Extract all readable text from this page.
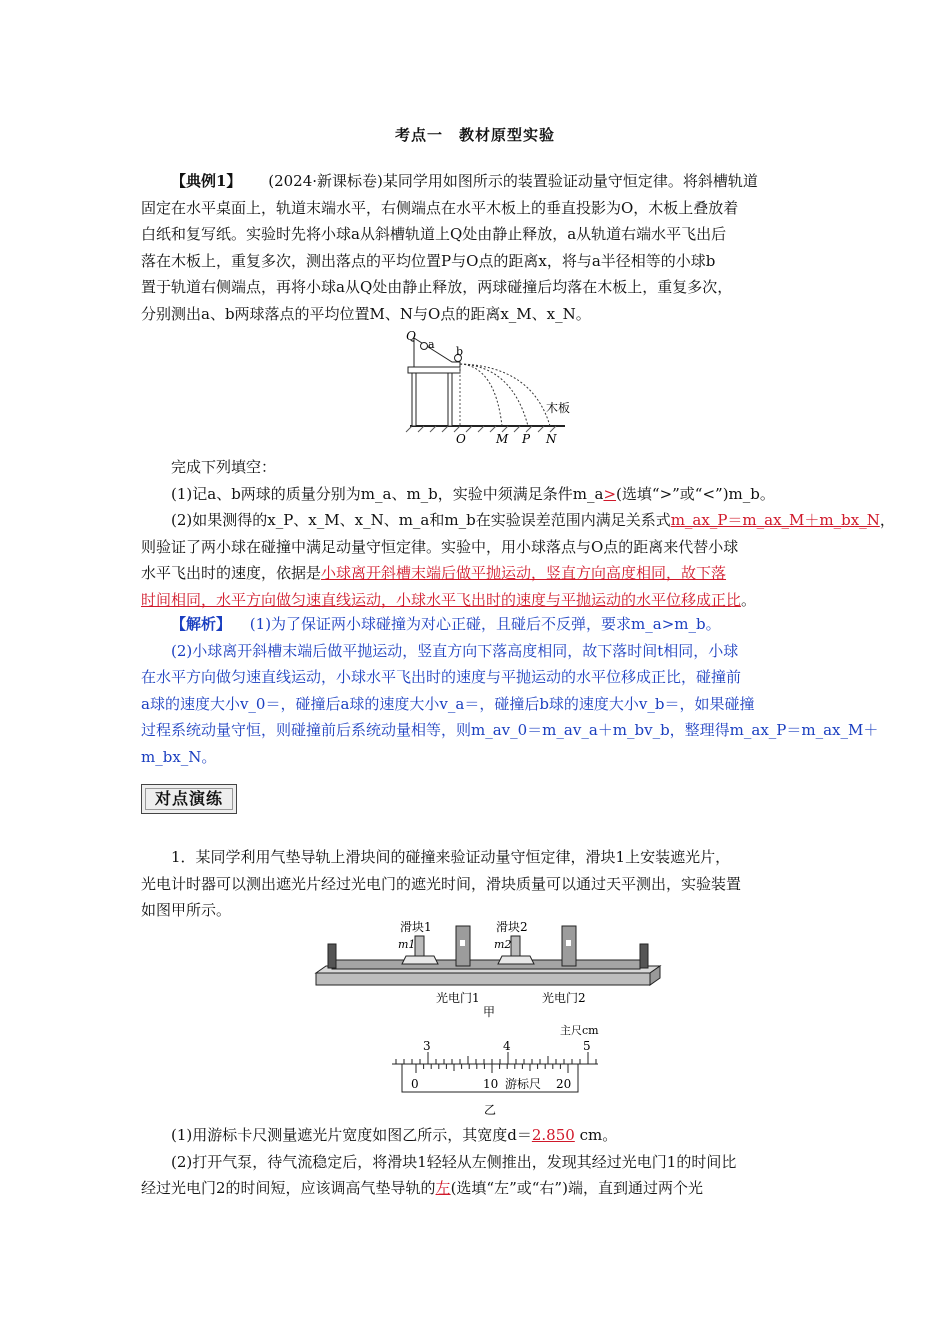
考点一　教材原型实验
【典例1】 (2024·新课标卷)某同学用如图所示的装置验证动量守恒定律。将斜槽轨道
固定在水平桌面上，轨道末端水平，右侧端点在水平木板上的垂直投影为O，木板上叠放着
白纸和复写纸。实验时先将小球a从斜槽轨道上Q处由静止释放，a从轨道右端水平飞出后
落在木板上，重复多次，测出落点的平均位置P与O点的距离x，将与a半径相等的小球b
置于轨道右侧端点，再将小球a从Q处由静止释放，两球碰撞后均落在木板上，重复多次，
分别测出a、b两球落点的平均位置M、N与O点的距离x_M、x_N。
Q
a
b
木板
O	M P N
完成下列填空：
(1)记a、b两球的质量分别为m_a、m_b，实验中须满足条件m_a>(选填“>”或“<”)m_b。
(2)如果测得的x_P、x_M、x_N、m_a和m_b在实验误差范围内满足关系式m_ax_P＝m_ax_M＋m_bx_N，
则验证了两小球在碰撞中满足动量守恒定律。实验中，用小球落点与O点的距离来代替小球
水平飞出时的速度，依据是小球离开斜槽末端后做平抛运动，竖直方向高度相同，故下落
时间相同，水平方向做匀速直线运动，小球水平飞出时的速度与平抛运动的水平位移成正比。
【解析】 (1)为了保证两小球碰撞为对心正碰，且碰后不反弹，要求m_a>m_b。
(2)小球离开斜槽末端后做平抛运动，竖直方向下落高度相同，故下落时间t相同，小球
在水平方向做匀速直线运动，小球水平飞出时的速度与平抛运动的水平位移成正比，碰撞前
a球的速度大小v_0＝，碰撞后a球的速度大小v_a＝，碰撞后b球的速度大小v_b＝，如果碰撞
过程系统动量守恒，则碰撞前后系统动量相等，则m_av_0＝m_av_a＋m_bv_b，整理得m_ax_P＝m_ax_M＋
m_bx_N。
对点演练
1．某同学利用气垫导轨上滑块间的碰撞来验证动量守恒定律，滑块1上安装遮光片，
光电计时器可以测出遮光片经过光电门的遮光时间，滑块质量可以通过天平测出，实验装置
如图甲所示。
滑块1
m1
滑块2
m2
光电门1	光电门2
甲
主尺cm
3	4	5
0	10 游标尺 20
乙
(1)用游标卡尺测量遮光片宽度如图乙所示，其宽度d＝2.850 cm。
(2)打开气泵，待气流稳定后，将滑块1轻轻从左侧推出，发现其经过光电门1的时间比
经过光电门2的时间短，应该调高气垫导轨的左(选填“左”或“右”)端，直到通过两个光
